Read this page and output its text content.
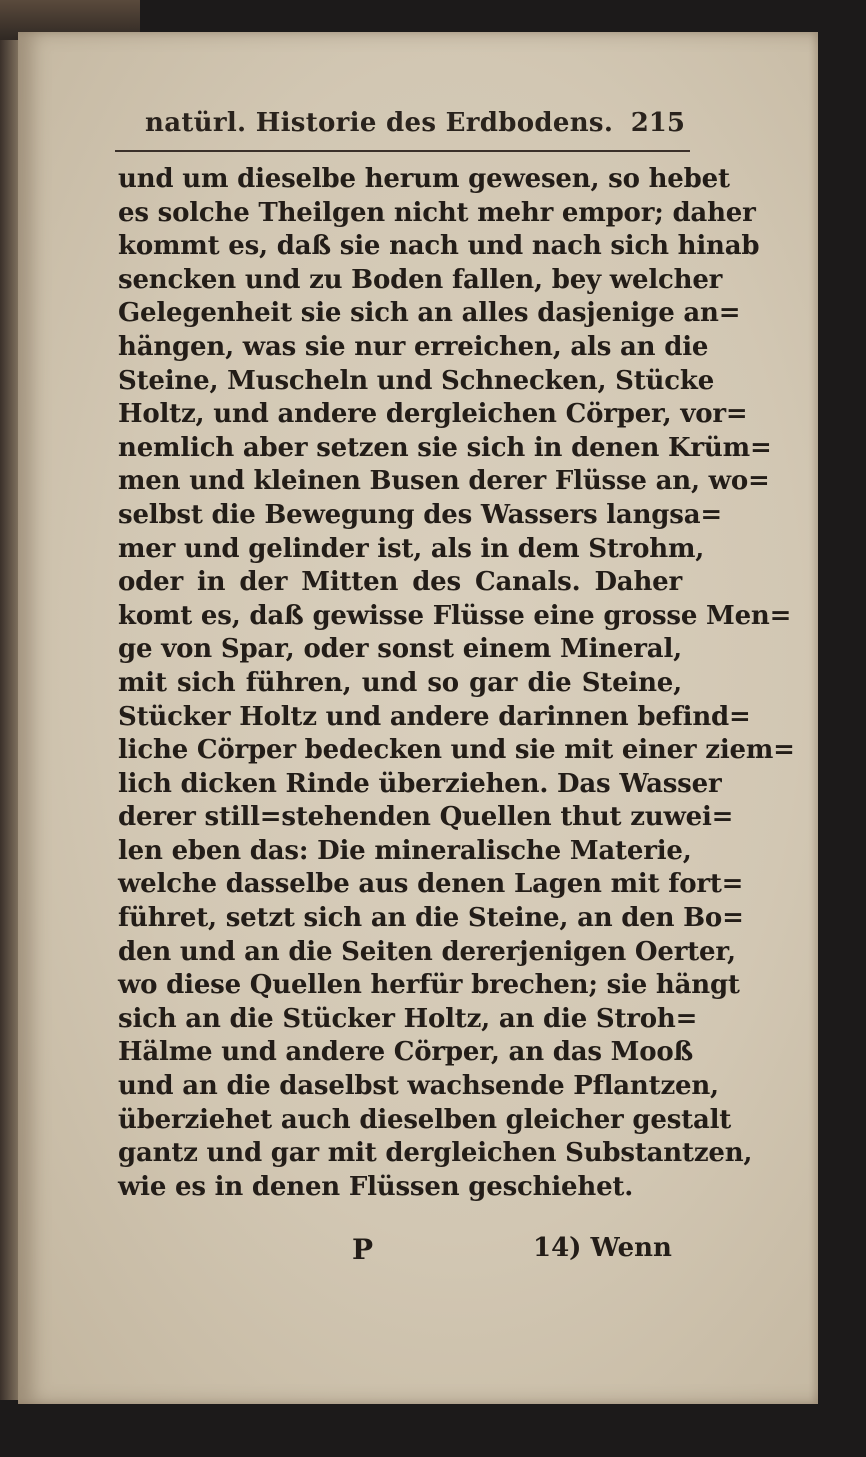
natürl. Historie des Erdbodens. 215
und um dieselbe herum gewesen, so hebet
es solche Theilgen nicht mehr empor; daher
kommt es, daß sie nach und nach sich hinab
sencken und zu Boden fallen, bey welcher
Gelegenheit sie sich an alles dasjenige an=
hängen, was sie nur erreichen, als an die
Steine, Muscheln und Schnecken, Stücke
Holtz, und andere dergleichen Cörper, vor=
nemlich aber setzen sie sich in denen Krüm=
men und kleinen Busen derer Flüsse an, wo=
selbst die Bewegung des Wassers langsa=
mer und gelinder ist, als in dem Strohm,
oder in der Mitten des Canals. Daher
komt es, daß gewisse Flüsse eine grosse Men=
ge von Spar, oder sonst einem Mineral,
mit sich führen, und so gar die Steine,
Stücker Holtz und andere darinnen befind=
liche Cörper bedecken und sie mit einer ziem=
lich dicken Rinde überziehen. Das Wasser
derer still=stehenden Quellen thut zuwei=
len eben das: Die mineralische Materie,
welche dasselbe aus denen Lagen mit fort=
führet, setzt sich an die Steine, an den Bo=
den und an die Seiten dererjenigen Oerter,
wo diese Quellen herfür brechen; sie hängt
sich an die Stücker Holtz, an die Stroh=
Hälme und andere Cörper, an das Mooß
und an die daselbst wachsende Pflantzen,
überziehet auch dieselben gleicher gestalt
gantz und gar mit dergleichen Substantzen,
wie es in denen Flüssen geschiehet.
P	14) Wenn
